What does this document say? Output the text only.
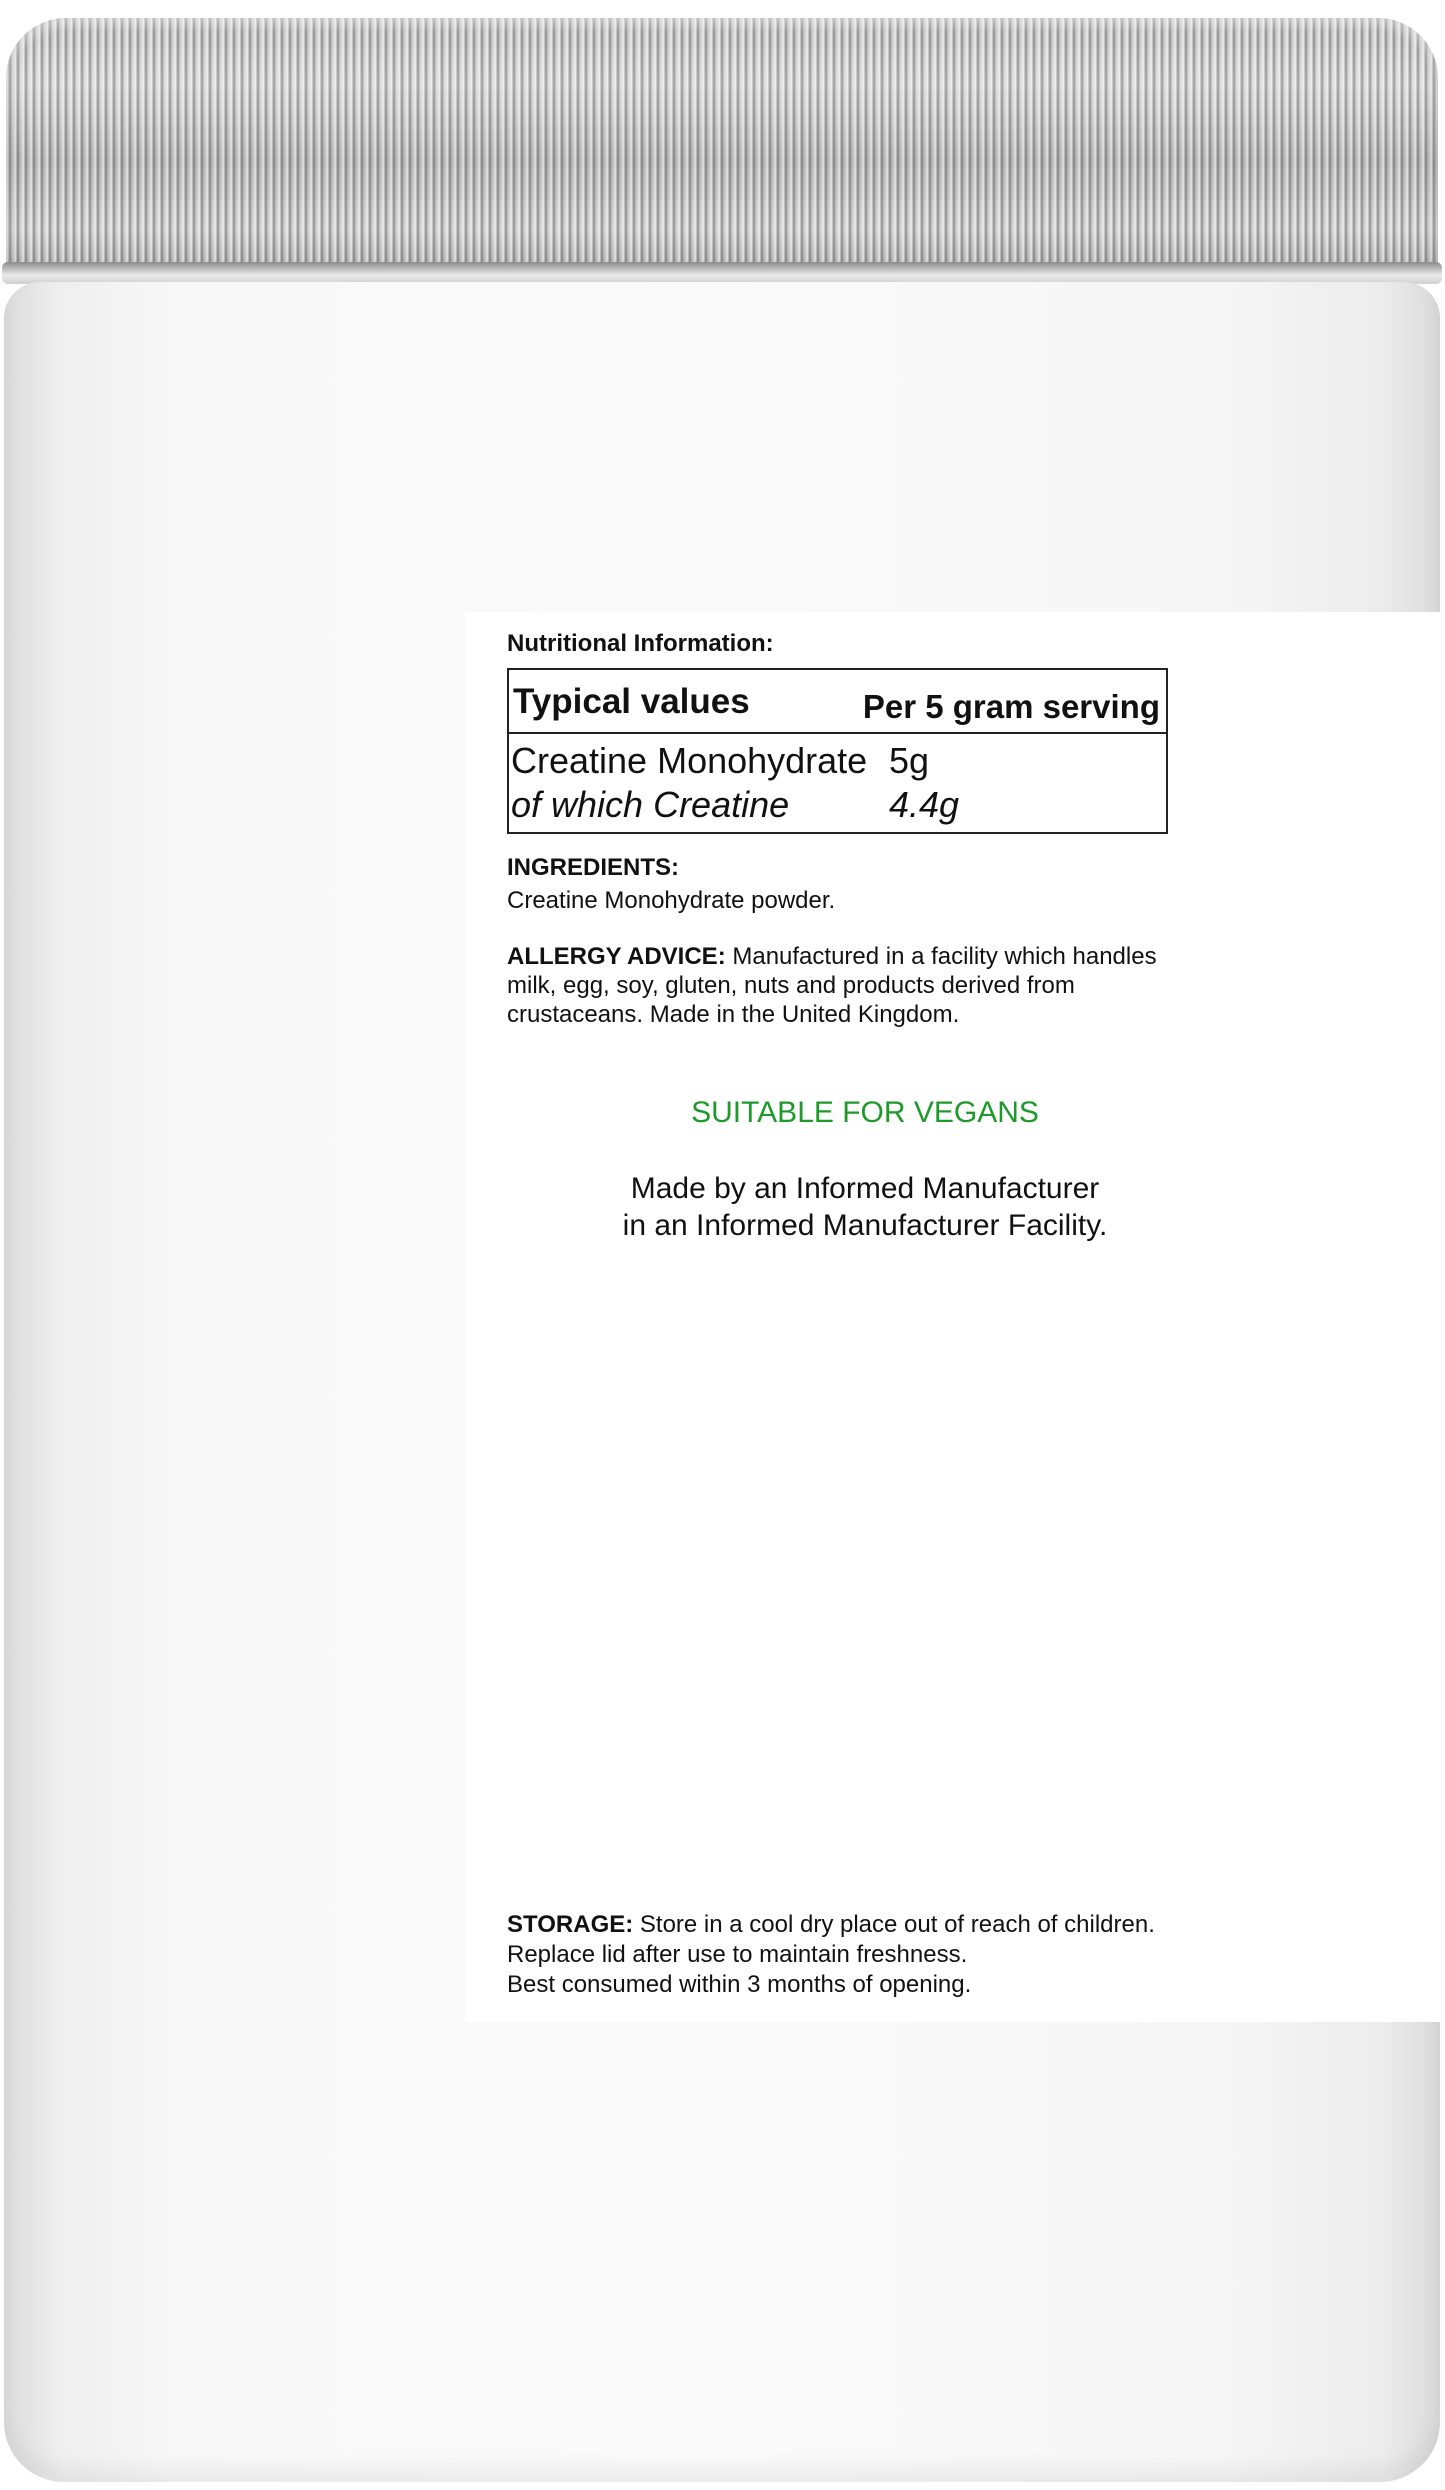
Nutritional Information:
Typical values	Per 5 gram serving
Creatine Monohydrate 5g
of which Creatine	4.4g
INGREDIENTS:
Creatine Monohydrate powder.
ALLERGY ADVICE: Manufactured in a facility which handles milk, egg, soy, gluten, nuts and products derived from crustaceans. Made in the United Kingdom.
SUITABLE FOR VEGANS
Made by an Informed Manufacturer
in an Informed Manufacturer Facility.
STORAGE: Store in a cool dry place out of reach of children.
Replace lid after use to maintain freshness.
Best consumed within 3 months of opening.
